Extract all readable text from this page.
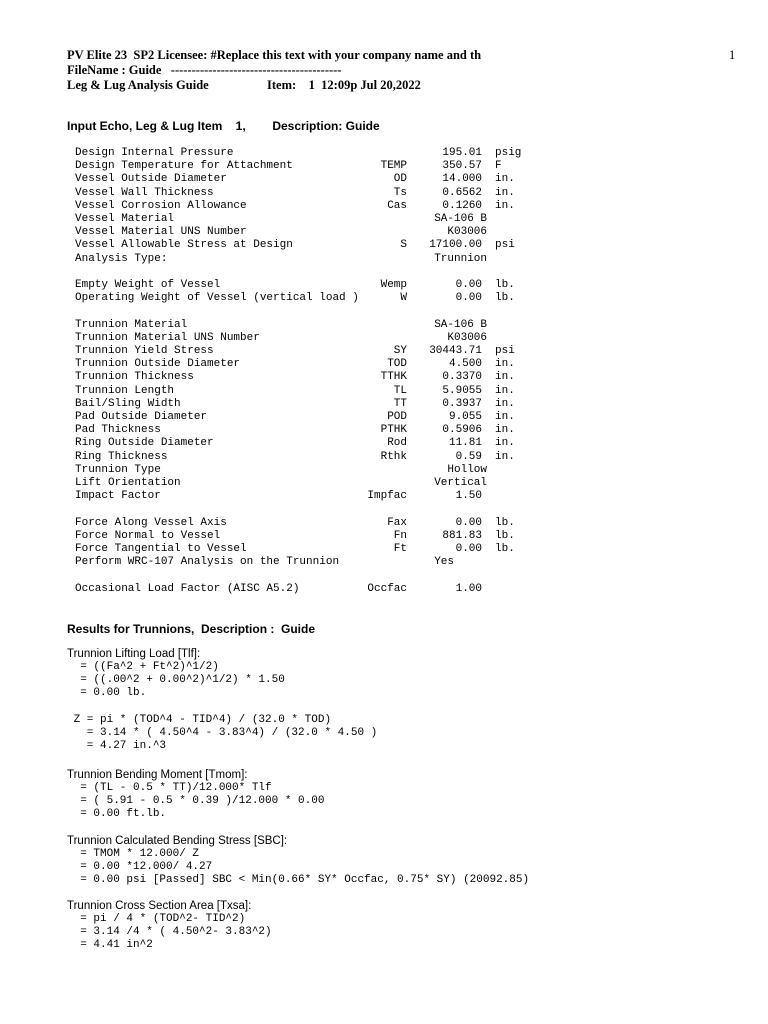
PV Elite 23  SP2 Licensee: #Replace this text with your company name and th	1
FileName : Guide   -----------------------------------------
Leg & Lug Analysis Guide	Item:    1  12:09p Jul 20,2022
Input Echo, Leg & Lug Item    1,        Description: Guide
Design Internal Pressure	195.01 psig
Design Temperature for Attachment	TEMP	350.57 F
Vessel Outside Diameter	OD	14.000 in.
Vessel Wall Thickness	Ts	0.6562 in.
Vessel Corrosion Allowance	Cas	0.1260 in.
Vessel Material	SA-106 B
Vessel Material UNS Number	K03006
Vessel Allowable Stress at Design	S	17100.00 psi
Analysis Type:	Trunnion
Empty Weight of Vessel	Wemp	0.00 lb.
Operating Weight of Vessel (vertical load )	W	0.00 lb.
Trunnion Material	SA-106 B
Trunnion Material UNS Number	K03006
Trunnion Yield Stress	SY	30443.71 psi
Trunnion Outside Diameter	TOD	4.500 in.
Trunnion Thickness	TTHK	0.3370 in.
Trunnion Length	TL	5.9055 in.
Bail/Sling Width	TT	0.3937 in.
Pad Outside Diameter	POD	9.055 in.
Pad Thickness	PTHK	0.5906 in.
Ring Outside Diameter	Rod	11.81 in.
Ring Thickness	Rthk	0.59 in.
Trunnion Type	Hollow
Lift Orientation	Vertical
Impact Factor	Impfac	1.50
Force Along Vessel Axis	Fax	0.00 lb.
Force Normal to Vessel	Fn	881.83 lb.
Force Tangential to Vessel	Ft	0.00 lb.
Perform WRC-107 Analysis on the Trunnion	Yes
Occasional Load Factor (AISC A5.2)	Occfac	1.00
Results for Trunnions,  Description :  Guide
Trunnion Lifting Load [Tlf]:
= ((Fa^2 + Ft^2)^1/2)
= ((.00^2 + 0.00^2)^1/2) * 1.50
= 0.00 lb.
Z = pi * (TOD^4 - TID^4) / (32.0 * TOD)
= 3.14 * ( 4.50^4 - 3.83^4) / (32.0 * 4.50 )
= 4.27 in.^3
Trunnion Bending Moment [Tmom]:
= (TL - 0.5 * TT)/12.000* Tlf
= ( 5.91 - 0.5 * 0.39 )/12.000 * 0.00
= 0.00 ft.lb.
Trunnion Calculated Bending Stress [SBC]:
= TMOM * 12.000/ Z
= 0.00 *12.000/ 4.27
= 0.00 psi [Passed] SBC < Min(0.66* SY* Occfac, 0.75* SY) (20092.85)
Trunnion Cross Section Area [Txsa]:
= pi / 4 * (TOD^2- TID^2)
= 3.14 /4 * ( 4.50^2- 3.83^2)
= 4.41 in^2
